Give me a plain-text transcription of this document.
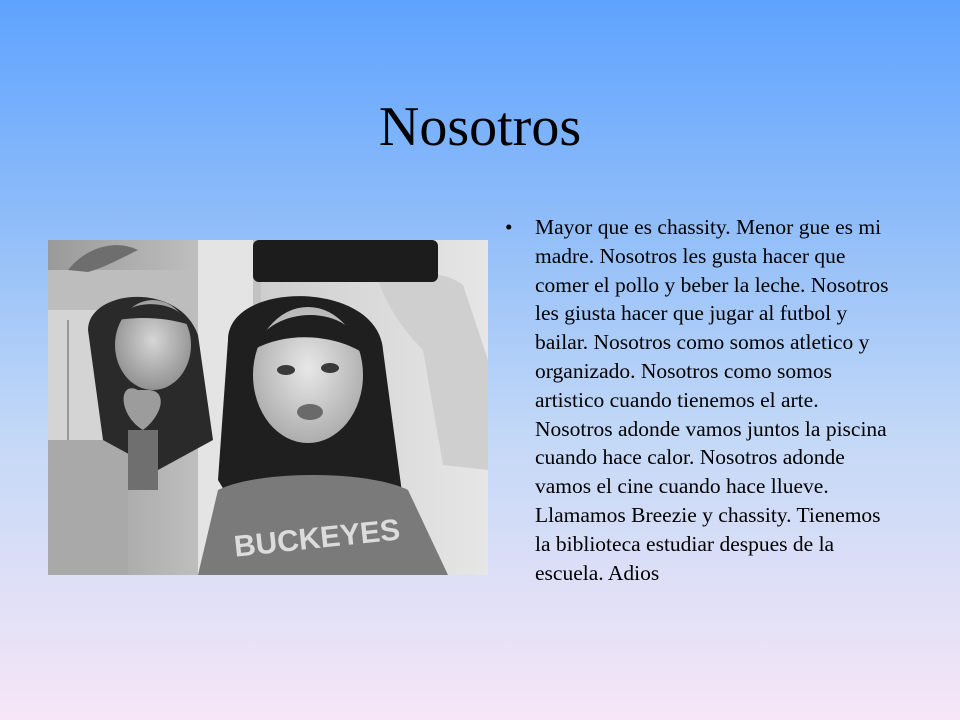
Nosotros
BUCKEYES
•	Mayor que es chassity. Menor gue es mi madre. Nosotros les gusta hacer que comer el pollo y beber la leche. Nosotros les giusta hacer que jugar al futbol y bailar. Nosotros como somos atletico y organizado. Nosotros como somos artistico cuando tienemos el arte. Nosotros adonde vamos juntos la piscina cuando hace calor. Nosotros adonde vamos el cine cuando hace llueve. Llamamos Breezie y chassity. Tienemos la biblioteca estudiar despues de la escuela. Adios
